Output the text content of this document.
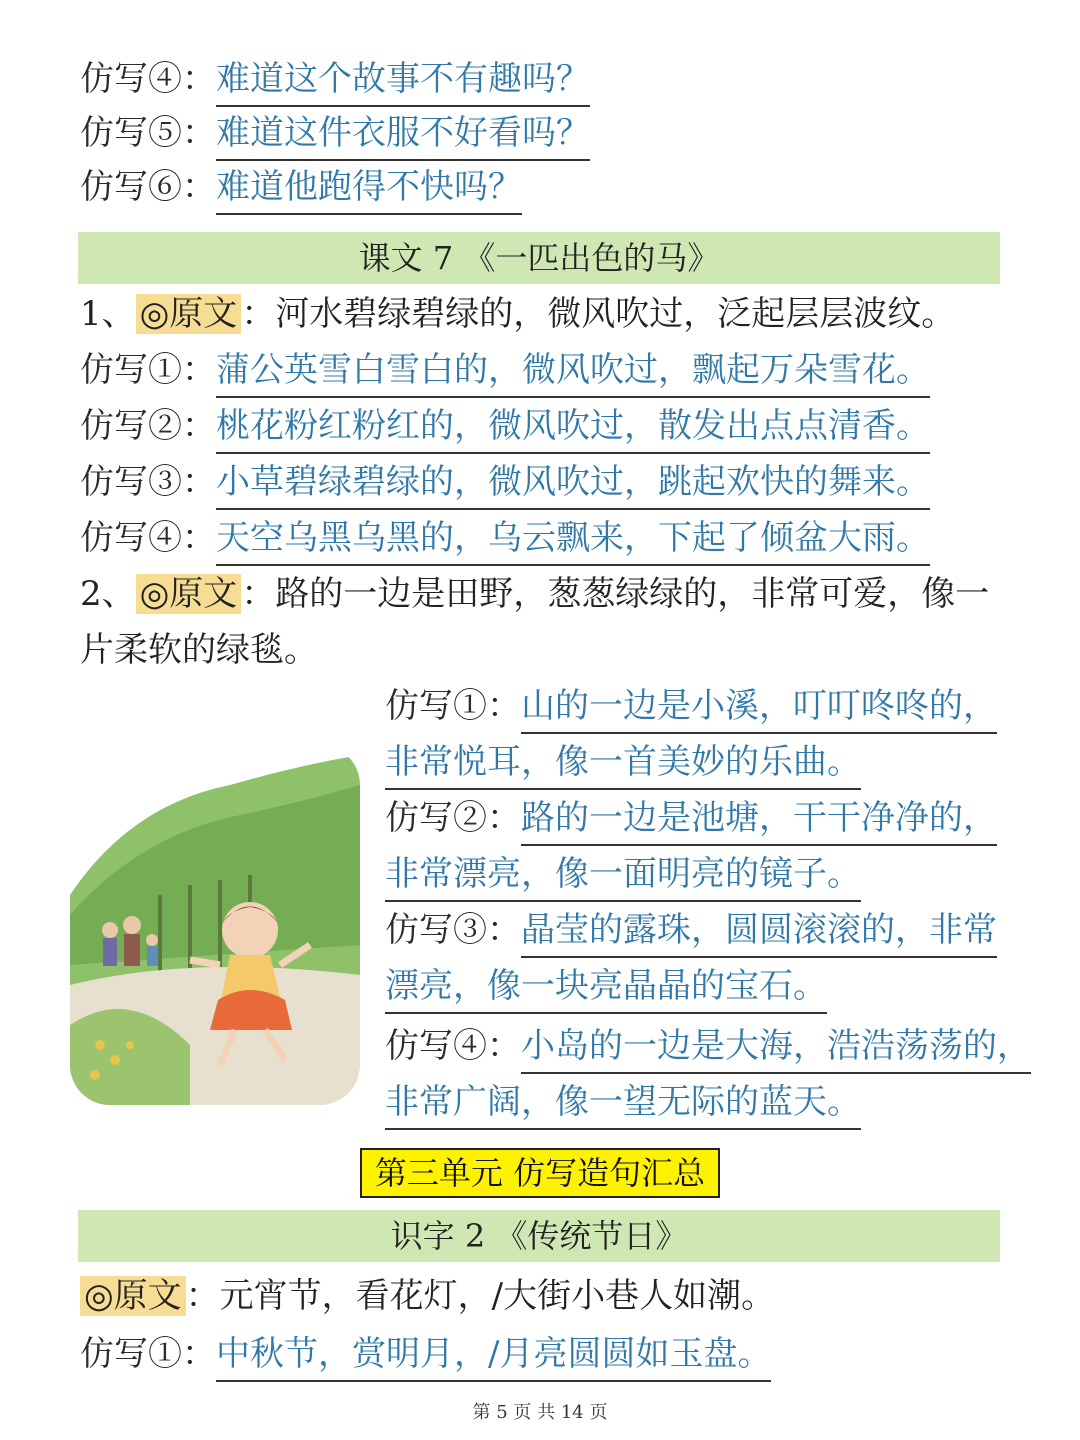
仿写④：难道这个故事不有趣吗？
仿写⑤：难道这件衣服不好看吗？
仿写⑥：难道他跑得不快吗？
课文 7 《一匹出色的马》
1、 ◎原文 ：河水碧绿碧绿的，微风吹过，泛起层层波纹。
仿写①：蒲公英雪白雪白的，微风吹过，飘起万朵雪花。
仿写②：桃花粉红粉红的，微风吹过，散发出点点清香。
仿写③：小草碧绿碧绿的，微风吹过，跳起欢快的舞来。
仿写④：天空乌黑乌黑的，乌云飘来，下起了倾盆大雨。
2、 ◎原文 ：路的一边是田野，葱葱绿绿的，非常可爱，像一
片柔软的绿毯。
仿写①：山的一边是小溪，叮叮咚咚的，
非常悦耳，像一首美妙的乐曲。
仿写②：路的一边是池塘，干干净净的，
非常漂亮，像一面明亮的镜子。
仿写③：晶莹的露珠，圆圆滚滚的，非常
漂亮，像一块亮晶晶的宝石。
仿写④：小岛的一边是大海，浩浩荡荡的，
非常广阔，像一望无际的蓝天。
第三单元 仿写造句汇总
识字 2 《传统节日》
◎原文 ：元宵节，看花灯，/大街小巷人如潮。
仿写①：中秋节，赏明月，/月亮圆圆如玉盘。
第 5 页 共 14 页
